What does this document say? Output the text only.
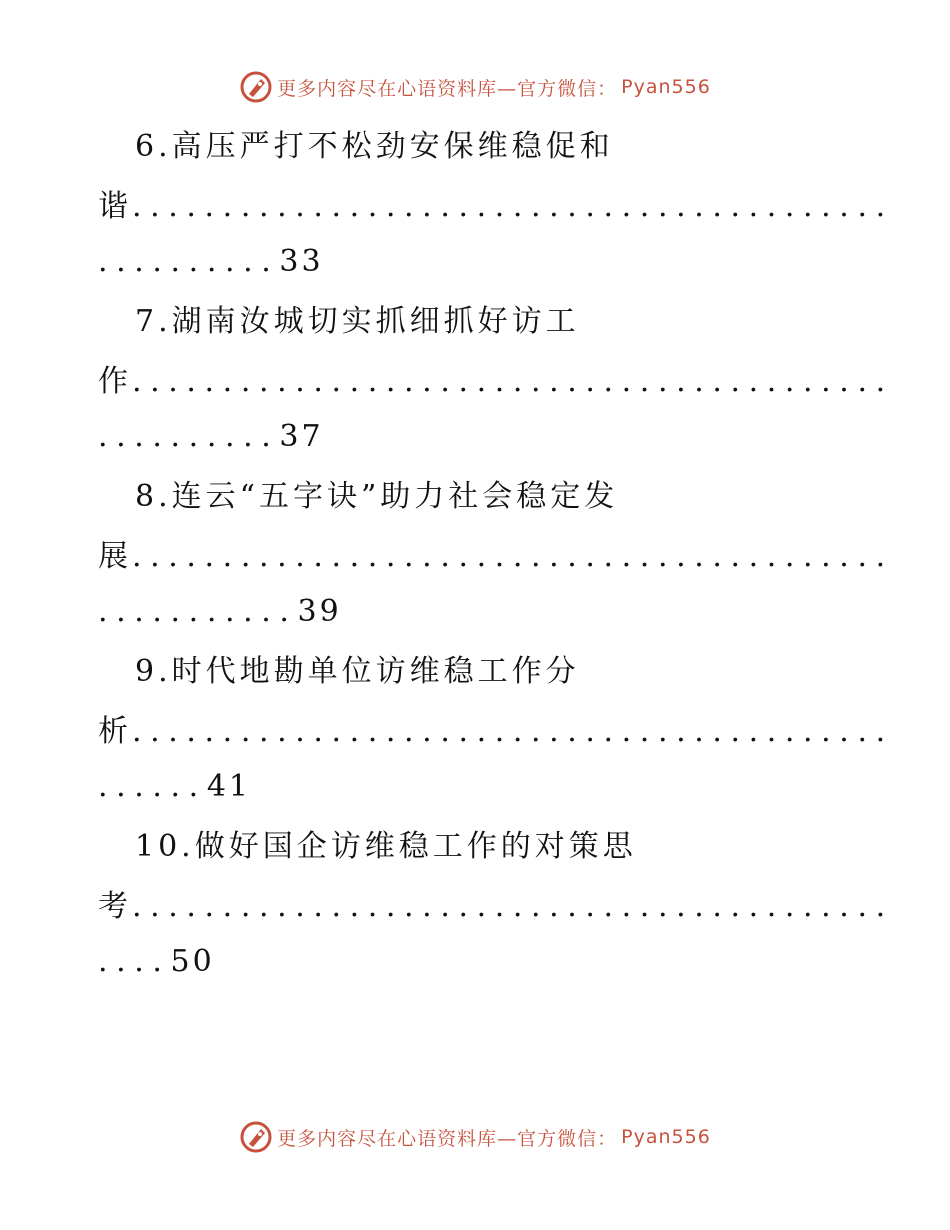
更多内容尽在心语资料库—官方微信： Pyan556
6.高压严打不松劲安保维稳促和
谐..........................................
..........33
7.湖南汝城切实抓细抓好访工
作..........................................
..........37
8.连云“五字诀”助力社会稳定发
展..........................................
...........39
9.时代地勘单位访维稳工作分
析..........................................
......41
10.做好国企访维稳工作的对策思
考..........................................
....50
更多内容尽在心语资料库—官方微信： Pyan556
